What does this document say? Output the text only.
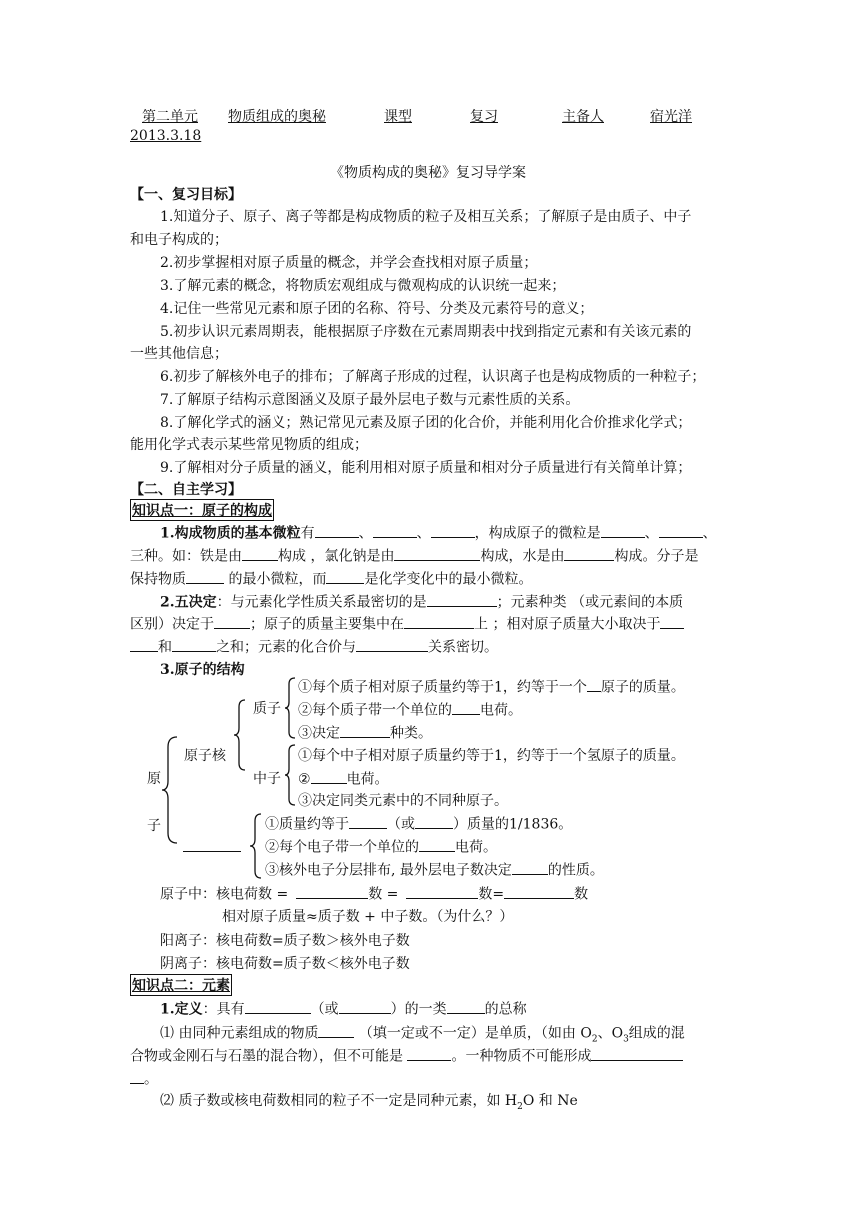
第二单元 物质组成的奥秘	课型	复习	主备人	宿光洋
2013.3.18
《物质构成的奥秘》复习导学案
【一、复习目标】
1.知道分子、原子、离子等都是构成物质的粒子及相互关系；了解原子是由质子、中子
和电子构成的；
2.初步掌握相对原子质量的概念，并学会查找相对原子质量；
3.了解元素的概念，将物质宏观组成与微观构成的认识统一起来；
4.记住一些常见元素和原子团的名称、符号、分类及元素符号的意义；
5.初步认识元素周期表，能根据原子序数在元素周期表中找到指定元素和有关该元素的
一些其他信息；
6.初步了解核外电子的排布；了解离子形成的过程，认识离子也是构成物质的一种粒子；
7.了解原子结构示意图涵义及原子最外层电子数与元素性质的关系。
8.了解化学式的涵义；熟记常见元素及原子团的化合价，并能利用化合价推求化学式；
能用化学式表示某些常见物质的组成；
9.了解相对分子质量的涵义，能利用相对原子质量和相对分子质量进行有关简单计算；
【二、自主学习】
知识点一：原子的构成
1.构成物质的基本微粒有	、	、	，构成原子的微粒是	、	、
三种。如：铁是由	构成 ，氯化钠是由	构成，水是由	构成。分子是
保持物质	的最小微粒，而	是化学变化中的最小微粒。
2.五决定：与元素化学性质关系最密切的是	；元素种类 （或元素间的本质
区别）决定于	；原子的质量主要集中在	上 ；相对原子质量大小取决于
和	之和；元素的化合价与	关系密切。
3.原子的结构
原
子
原子核
质子
中子
①每个质子相对原子质量约等于1，约等于一个 原子的质量。
②每个质子带一个单位的 电荷。
③决定	种类。
①每个中子相对原子质量约等于1，约等于一个氢原子的质量。
②	电荷。
③决定同类元素中的不同种原子。
①质量约等于	（或	）质量的1/1836。
②每个电子带一个单位的	电荷。
③核外电子分层排布, 最外层电子数决定	的性质。
原子中：核电荷数 =	数 =	数=	数
相对原子质量≈质子数 + 中子数。（为什么？）
阳离子：核电荷数=质子数＞核外电子数
阴离子：核电荷数=质子数＜核外电子数
知识点二：元素
1.定义：具有	（或	）的一类	的总称
⑴ 由同种元素组成的物质	（填一定或不一定）是单质，（如由 $O_2$、$O_3$组成的混
合物或金刚石与石墨的混合物），但不可能是	。一种物质不可能形成
。
⑵ 质子数或核电荷数相同的粒子不一定是同种元素，如 $H_2O$ 和 Ne
